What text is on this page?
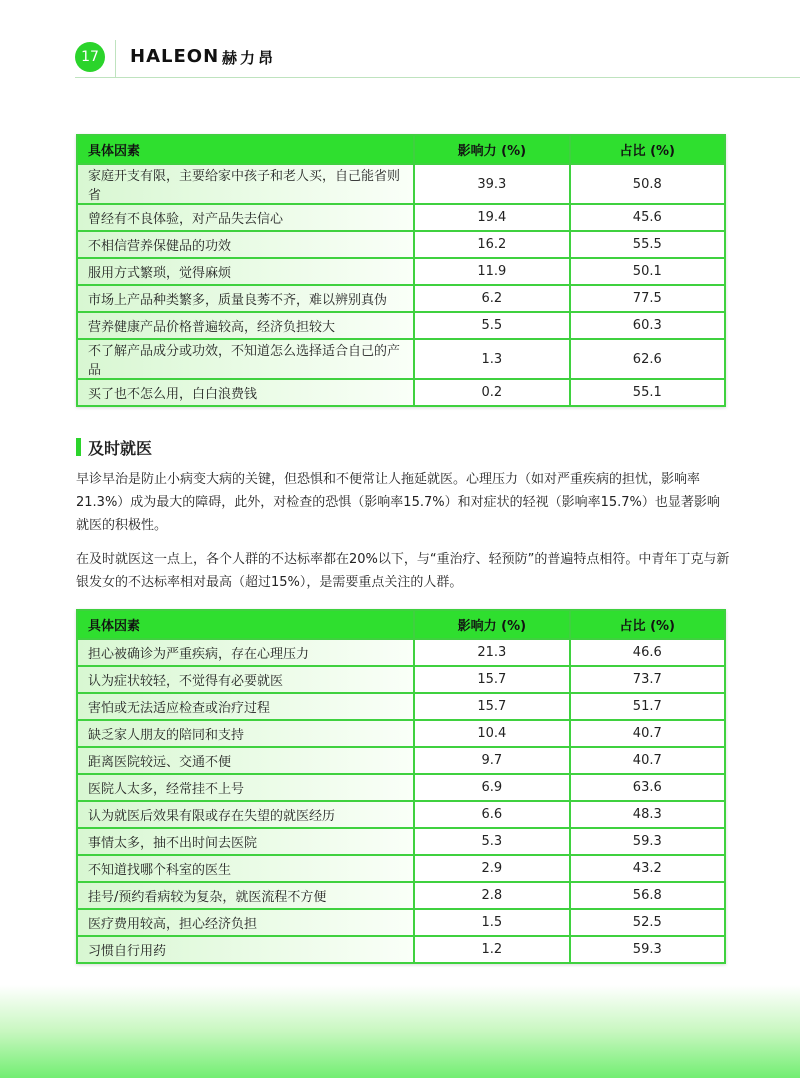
17	HALEON 赫力昂
具体因素	影响力 (%)	占比 (%)
家庭开支有限，主要给家中孩子和老人买，自己能省则省	39.3	50.8
曾经有不良体验，对产品失去信心	19.4	45.6
不相信营养保健品的功效	16.2	55.5
服用方式繁琐，觉得麻烦	11.9	50.1
市场上产品种类繁多，质量良莠不齐，难以辨别真伪	6.2	77.5
营养健康产品价格普遍较高，经济负担较大	5.5	60.3
不了解产品成分或功效，不知道怎么选择适合自己的产品	1.3	62.6
买了也不怎么用，白白浪费钱	0.2	55.1
及时就医
早诊早治是防止小病变大病的关键，但恐惧和不便常让人拖延就医。心理压力（如对严重疾病的担忧，影响率21.3%）成为最大的障碍，此外，对检查的恐惧（影响率15.7%）和对症状的轻视（影响率15.7%）也显著影响就医的积极性。
在及时就医这一点上，各个人群的不达标率都在20%以下，与“重治疗、轻预防”的普遍特点相符。中青年丁克与新银发女的不达标率相对最高（超过15%），是需要重点关注的人群。
具体因素	影响力 (%)	占比 (%)
担心被确诊为严重疾病，存在心理压力	21.3	46.6
认为症状较轻，不觉得有必要就医	15.7	73.7
害怕或无法适应检查或治疗过程	15.7	51.7
缺乏家人朋友的陪同和支持	10.4	40.7
距离医院较远、交通不便	9.7	40.7
医院人太多，经常挂不上号	6.9	63.6
认为就医后效果有限或存在失望的就医经历	6.6	48.3
事情太多，抽不出时间去医院	5.3	59.3
不知道找哪个科室的医生	2.9	43.2
挂号/预约看病较为复杂，就医流程不方便	2.8	56.8
医疗费用较高，担心经济负担	1.5	52.5
习惯自行用药	1.2	59.3
